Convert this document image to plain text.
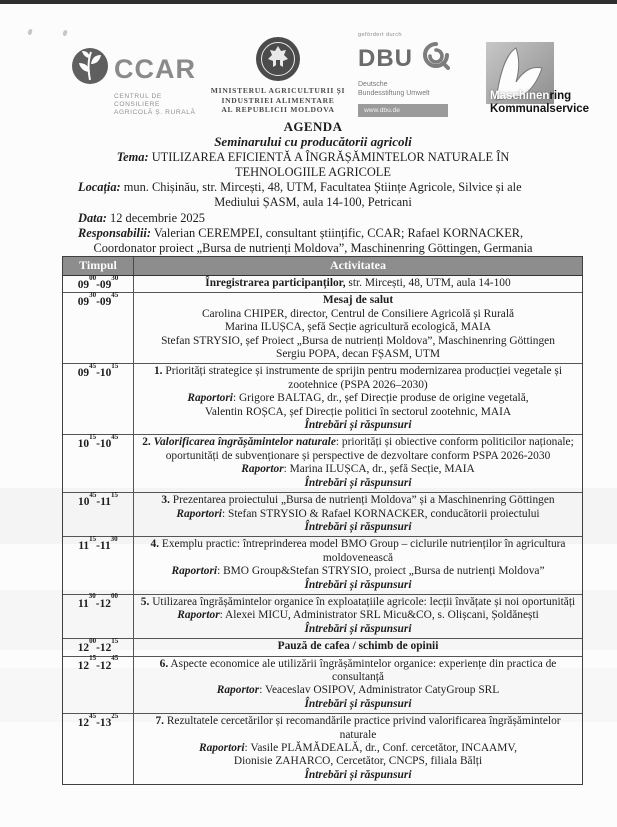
CCAR
CENTRUL DE CONSILIERE
AGRICOLĂ Ș. RURALĂ
MINISTERUL AGRICULTURII ȘI
INDUSTRIEI ALIMENTARE
AL REPUBLICII MOLDOVA
gefördert durch
DBU
Deutsche
Bundesstiftung Umwelt
www.dbu.de
Maschinenring
Kommunalservice
AGENDA
Seminarului cu producătorii agricoli
Tema: UTILIZAREA EFICIENTĂ A ÎNGRĂȘĂMINTELOR NATURALE ÎN
TEHNOLOGIILE AGRICOLE
Locația: mun. Chișinău, str. Mircești, 48, UTM, Facultatea Științe Agricole, Silvice și ale
Mediului ȘASM, aula 14-100, Petricani
Data: 12 decembrie 2025
Responsabilii: Valerian CEREMPEI, consultant științific, CCAR; Rafael KORNACKER,
Coordonator proiect „Bursa de nutrienți Moldova”, Maschinenring Göttingen, Germania
Timpul	Activitatea
$09^{00}-09^{30}$	Înregistrarea participanților, str. Mircești, 48, UTM, aula 14-100
$09^{30}-09^{45}$	Mesaj de salut
Carolina CHIPER, director, Centrul de Consiliere Agricolă și Rurală
Marina ILUȘCA, șefă Secție agricultură ecologică, MAIA
Stefan STRYSIO, șef Proiect „Bursa de nutrienți Moldova”, Maschinenring Göttingen
Sergiu POPA, decan FȘASM, UTM
$09^{45}-10^{15}$	1. Priorități strategice și instrumente de sprijin pentru modernizarea producției vegetale și zootehnice (PSPA 2026–2030)
Raportori: Grigore BALTAG, dr., șef Direcție produse de origine vegetală,
Valentin ROȘCA, șef Direcție politici în sectorul zootehnic, MAIA
Întrebări și răspunsuri
$10^{15}-10^{45}$	2. Valorificarea îngrășămintelor naturale: priorități și obiective conform politicilor naționale; oportunități de subvenționare și perspective de dezvoltare conform PSPA 2026-2030
Raportor: Marina ILUȘCA, dr., șefă Secție, MAIA
Întrebări și răspunsuri
$10^{45}-11^{15}$	3. Prezentarea proiectului „Bursa de nutrienți Moldova” și a Maschinenring Göttingen
Raportori: Stefan STRYSIO & Rafael KORNACKER, conducătorii proiectului
Întrebări și răspunsuri
$11^{15}-11^{30}$	4. Exemplu practic: întreprinderea model BMO Group – ciclurile nutrienților în agricultura moldovenească
Raportori: BMO Group&Stefan STRYSIO, proiect „Bursa de nutrienți Moldova”
Întrebări și răspunsuri
$11^{30}-12^{00}$	5. Utilizarea îngrășămintelor organice în exploatațiile agricole: lecții învățate și noi oportunități
Raportor: Alexei MICU, Administrator SRL Micu&CO, s. Olișcani, Șoldănești
Întrebări și răspunsuri
$12^{00}-12^{15}$	Pauză de cafea / schimb de opinii
$12^{15}-12^{45}$	6. Aspecte economice ale utilizării îngrășămintelor organice: experiențe din practica de consultanță
Raportor: Veaceslav OSIPOV, Administrator CatyGroup SRL
Întrebări și răspunsuri
$12^{45}-13^{25}$	7. Rezultatele cercetărilor și recomandările practice privind valorificarea îngrășămintelor naturale
Raportori: Vasile PLĂMĂDEALĂ, dr., Conf. cercetător, INCAAMV,
Dionisie ZAHARCO, Cercetător, CNCPS, filiala Bălți
Întrebări și răspunsuri
